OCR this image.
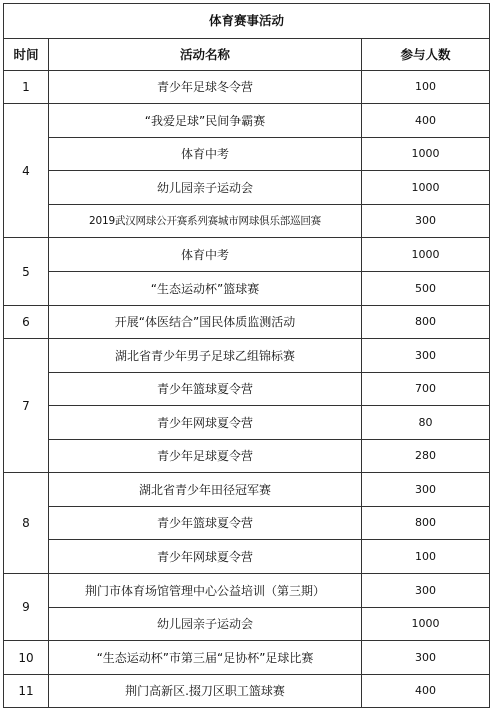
体育赛事活动		
时间	活动名称	参与人数
1	青少年足球冬令营	100
4	“我爱足球”民间争霸赛	400
	体育中考	1000
	幼儿园亲子运动会	1000
	2019武汉网球公开赛系列赛城市网球俱乐部巡回赛	300
5	体育中考	1000
	“生态运动杯”篮球赛	500
6	开展“体医结合”国民体质监测活动	800
7	湖北省青少年男子足球乙组锦标赛	300
	青少年篮球夏令营	700
	青少年网球夏令营	80
	青少年足球夏令营	280
8	湖北省青少年田径冠军赛	300
	青少年篮球夏令营	800
	青少年网球夏令营	100
9	荆门市体育场馆管理中心公益培训（第三期）	300
	幼儿园亲子运动会	1000
10	“生态运动杯”市第三届“足协杯”足球比赛	300
11	荆门高新区.掇刀区职工篮球赛	400
